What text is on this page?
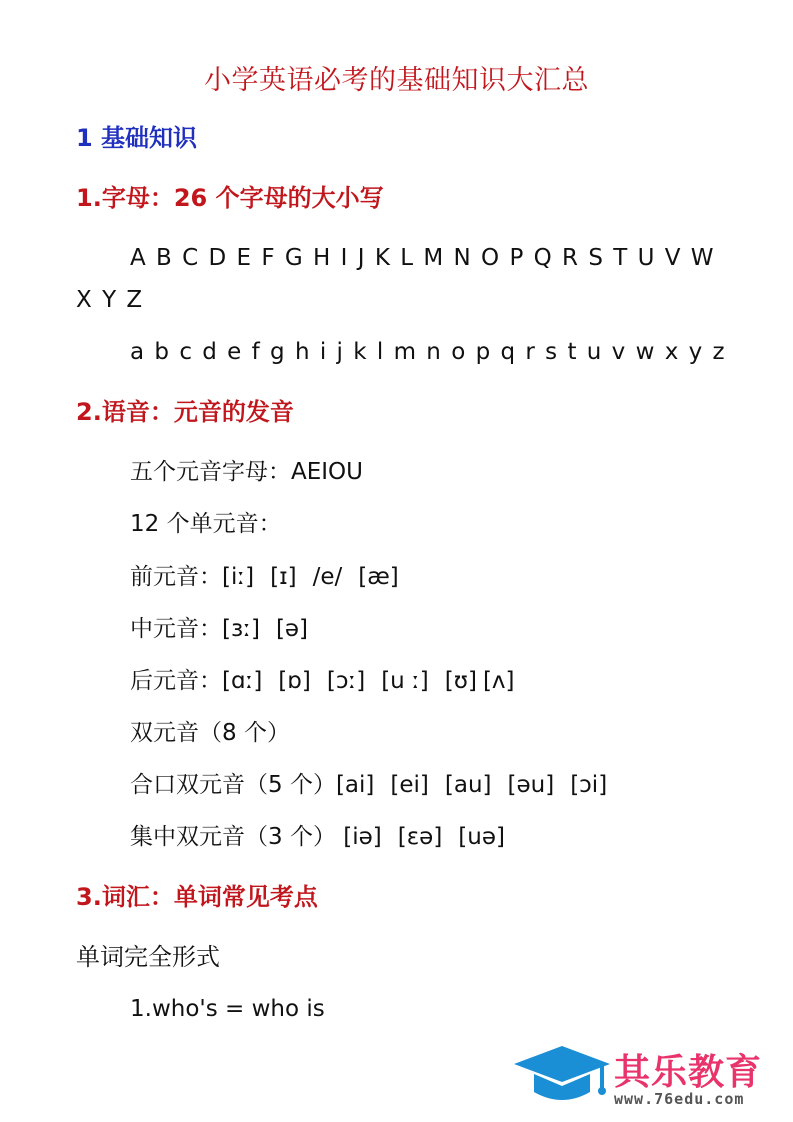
小学英语必考的基础知识大汇总
1 基础知识
1.字母：26 个字母的大小写
A B C D E F G H I J K L M N O P Q R S T U V W
X Y Z
a b c d e f g h i j k l m n o p q r s t u v w x y z
2.语音：元音的发音
五个元音字母：AEIOU
12 个单元音：
前元音：[iː] [ɪ] /e/ [æ]
中元音：[ɜː] [ə]
后元音：[ɑː] [ɒ] [ɔː] [u ː] [ʊ] [ʌ]
双元音（8 个）
合口双元音（5 个）[ai] [ei] [au] [əu] [ɔi]
集中双元音（3 个） [iə] [εə] [uə]
3.词汇：单词常见考点
单词完全形式
1.who's = who is
其乐教育
www.76edu.com
